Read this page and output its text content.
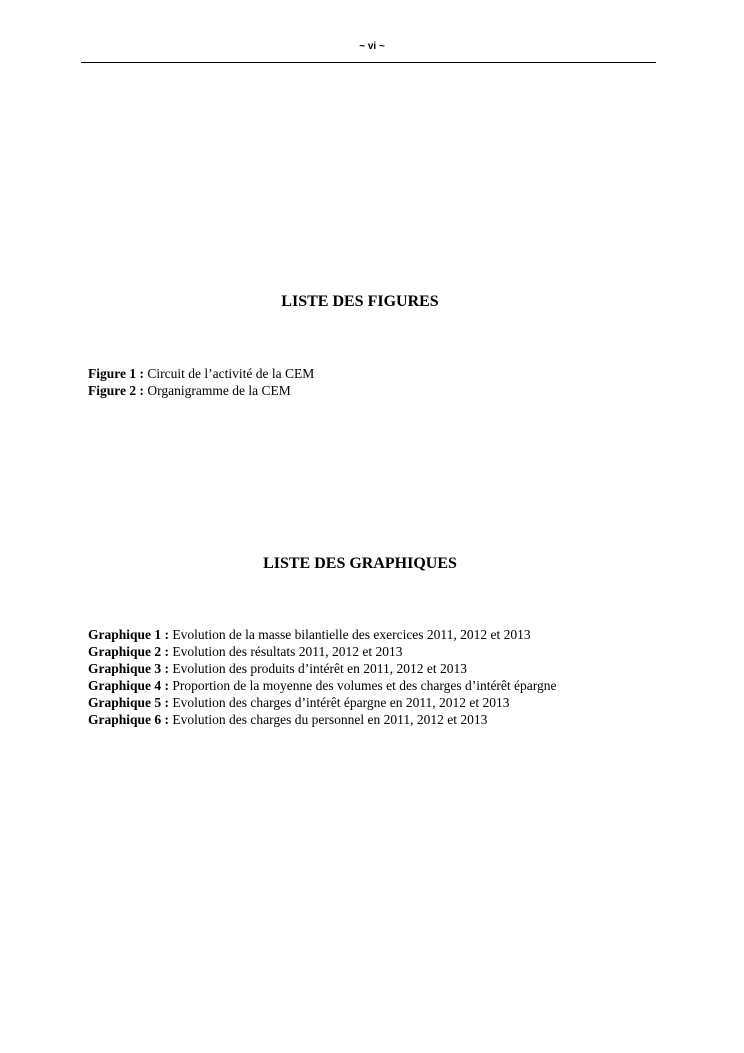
~ vi ~
LISTE DES FIGURES
Figure 1 : Circuit de l’activité de la CEM
Figure 2 : Organigramme de la CEM
LISTE DES GRAPHIQUES
Graphique 1 : Evolution de la masse bilantielle des exercices 2011, 2012 et 2013
Graphique 2 : Evolution des résultats 2011, 2012 et 2013
Graphique 3 : Evolution des produits d’intérêt en 2011, 2012 et 2013
Graphique 4 : Proportion de la moyenne des volumes et des charges d’intérêt épargne
Graphique 5 : Evolution des charges d’intérêt épargne en 2011, 2012 et 2013
Graphique 6 : Evolution des charges du personnel en 2011, 2012 et 2013
